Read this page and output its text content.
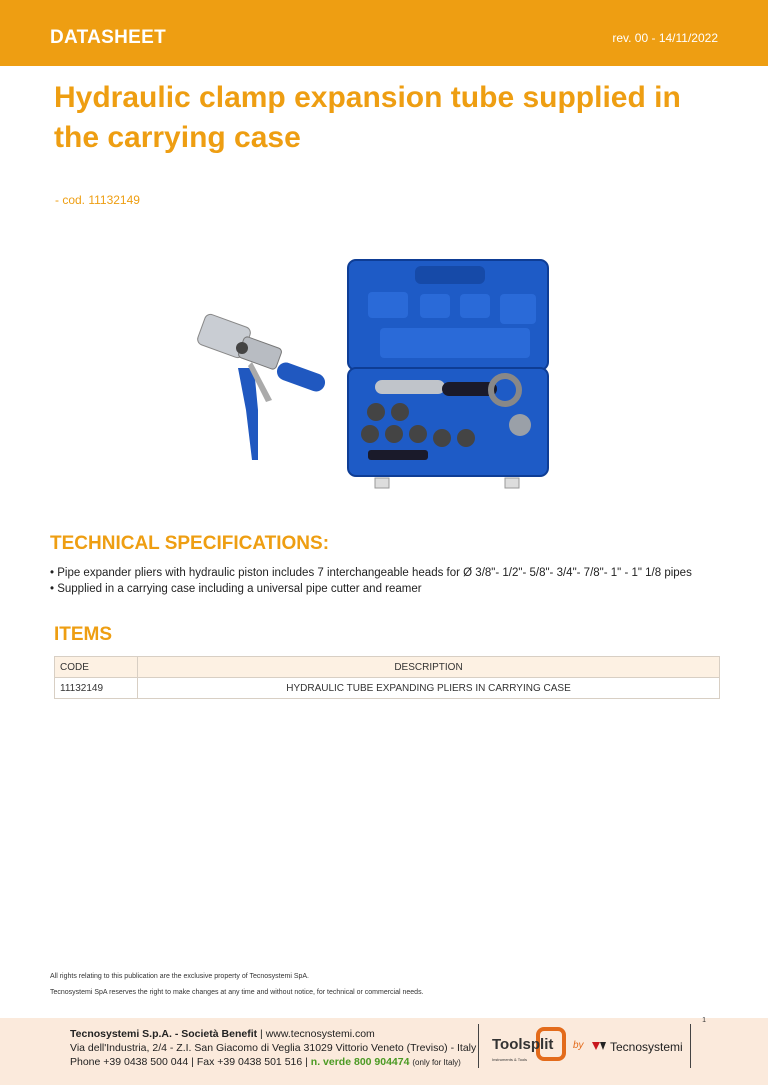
DATASHEET	rev. 00 - 14/11/2022
Hydraulic clamp expansion tube supplied in the carrying case
- cod. 11132149
TECHNICAL SPECIFICATIONS:

• Pipe expander pliers with hydraulic piston includes 7 interchangeable heads for Ø 3/8"- 1/2"- 5/8"- 3/4"- 7/8"- 1" - 1" 1/8 pipes

• Supplied in a carrying case including a universal pipe cutter and reamer

ITEMS
CODE	DESCRIPTION
11132149	HYDRAULIC TUBE EXPANDING PLIERS IN CARRYING CASE
All rights relating to this publication are the exclusive property of Tecnosystemi SpA.
Tecnosystemi SpA reserves the right to make changes at any time and without notice, for technical or commercial needs.
Tecnosystemi S.p.A. - Società Benefit | www.tecnosystemi.com
Via dell'Industria, 2/4 - Z.I. San Giacomo di Veglia 31029 Vittorio Veneto (Treviso) - Italy
Phone +39 0438 500 044 | Fax +39 0438 501 516 | n. verde 800 904474 (only for Italy)
1
Toolsplit
Instruments & Tools
by Tecnosystemi
